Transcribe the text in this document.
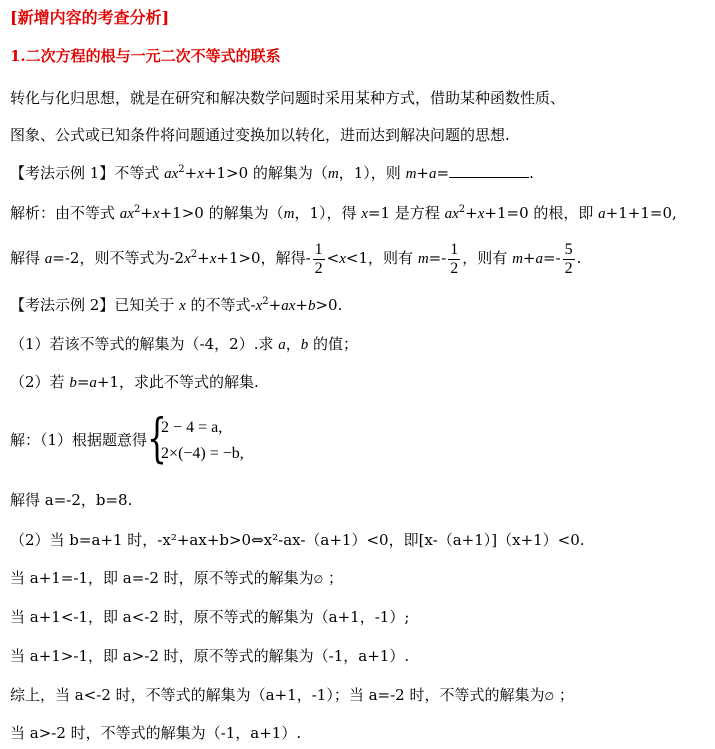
[新增内容的考查分析]
1.二次方程的根与一元二次不等式的联系
转化与化归思想，就是在研究和解决数学问题时采用某种方式，借助某种函数性质、
图象、公式或已知条件将问题通过变换加以转化，进而达到解决问题的思想.
【考法示例 1】不等式 $ax^2+x+1>0$ 的解集为（m，1），则 m+a=	.
解析：由不等式 $ax^2+x+1>0$ 的解集为（m，1），得 x=1 是方程 $ax^2+x+1=0$ 的根，即 a+1+1=0,
解得 a=-2，则不等式为$-2x^2+x+1>0$，解得- $\frac{1}{2} <x<1$，则有 $m=- \frac{1}{2}$ ，则有 $m+a=- \frac{5}{2}$ .
【考法示例 2】已知关于 x 的不等式$-x^2+ax+b>0$.
（1）若该不等式的解集为（-4，2）.求 a，b 的值；
（2）若 b=a+1，求此不等式的解集.
解：（1）根据题意得 {
2 − 4 = a,
2×(−4) = −b,
解得 a=-2，b=8.
（2）当 b=a+1 时，-x²+ax+b>0⇔x²-ax-（a+1）<0，即[x-（a+1）]（x+1）<0.
当 a+1=-1，即 a=-2 时，原不等式的解集为∅ ；
当 a+1<-1，即 a<-2 时，原不等式的解集为（a+1，-1）;
当 a+1>-1，即 a>-2 时，原不等式的解集为（-1，a+1）.
综上，当 a<-2 时，不等式的解集为（a+1，-1）；当 a=-2 时，不等式的解集为∅ ；
当 a>-2 时，不等式的解集为（-1，a+1）.
